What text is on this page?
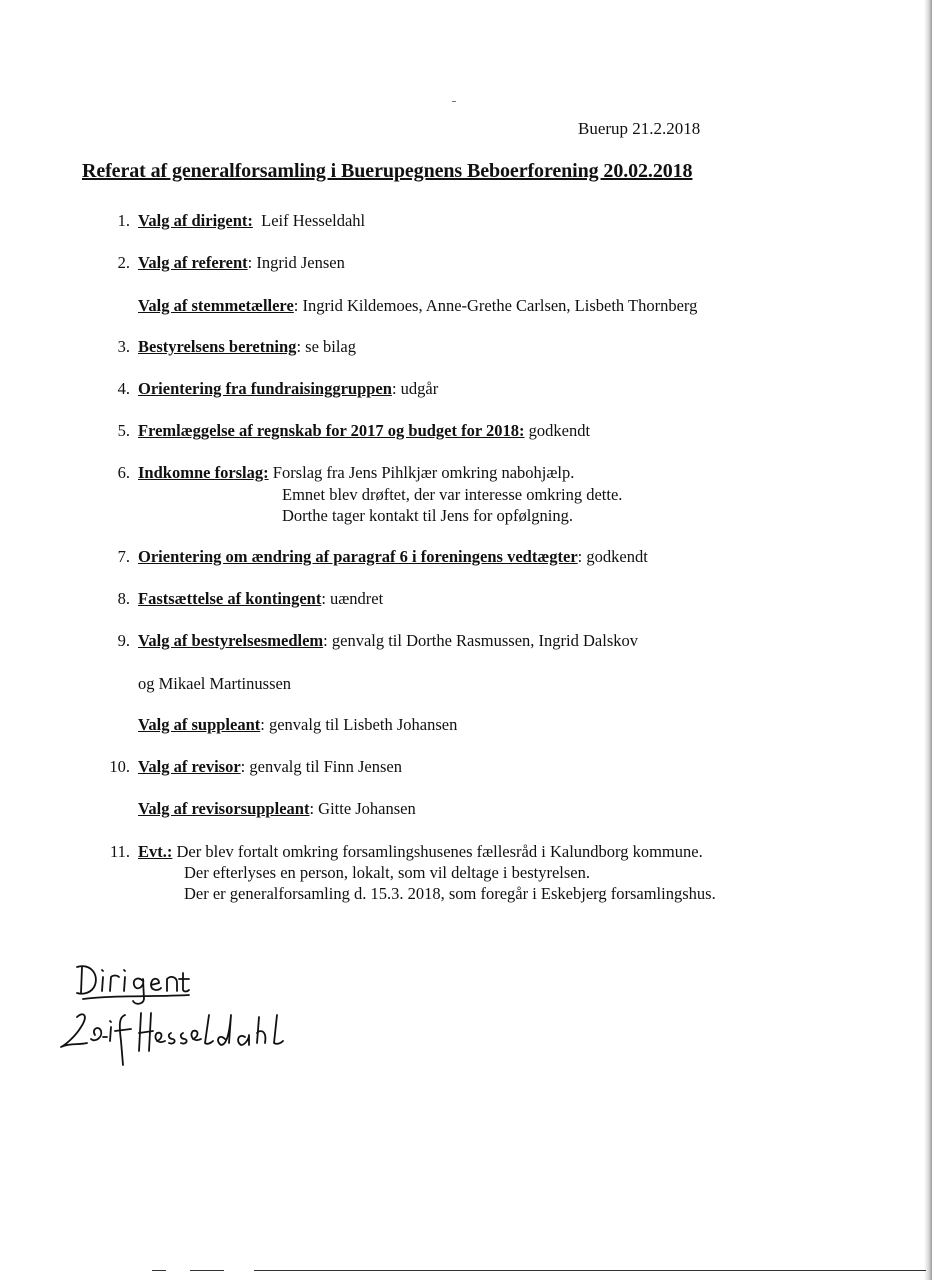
Buerup 21.2.2018
Referat af generalforsamling i Buerupegnens Beboerforening 20.02.2018
1. Valg af dirigent:  Leif Hesseldahl
2. Valg af referent: Ingrid Jensen
Valg af stemmetællere: Ingrid Kildemoes, Anne-Grethe Carlsen, Lisbeth Thornberg
3. Bestyrelsens beretning: se bilag
4. Orientering fra fundraisinggruppen: udgår
5. Fremlæggelse af regnskab for 2017 og budget for 2018: godkendt
6. Indkomne forslag: Forslag fra Jens Pihlkjær omkring nabohjælp.
Emnet blev drøftet, der var interesse omkring dette.
Dorthe tager kontakt til Jens for opfølgning.
7. Orientering om ændring af paragraf 6 i foreningens vedtægter: godkendt
8. Fastsættelse af kontingent: uændret
9. Valg af bestyrelsesmedlem: genvalg til Dorthe Rasmussen, Ingrid Dalskov
og Mikael Martinussen
Valg af suppleant: genvalg til Lisbeth Johansen
10. Valg af revisor: genvalg til Finn Jensen
Valg af revisorsuppleant: Gitte Johansen
11. Evt.: Der blev fortalt omkring forsamlingshusenes fællesråd i Kalundborg kommune.
Der efterlyses en person, lokalt, som vil deltage i bestyrelsen.
Der er generalforsamling d. 15.3. 2018, som foregår i Eskebjerg forsamlingshus.
